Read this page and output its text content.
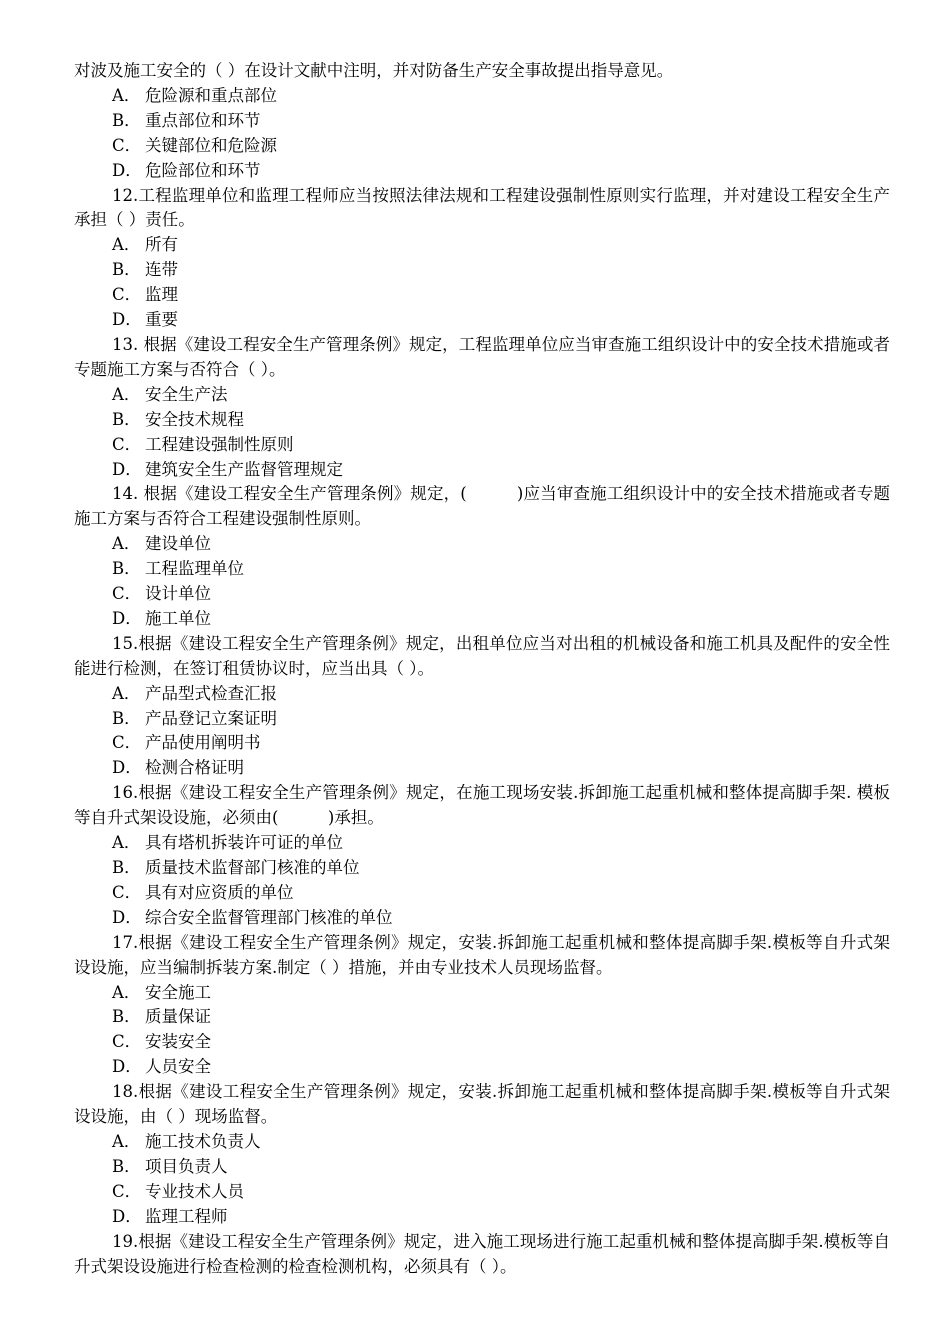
对波及施工安全的（ ）在设计文献中注明，并对防备生产安全事故提出指导意见。

A． 危险源和重点部位
B． 重点部位和环节
C． 关键部位和危险源
D． 危险部位和环节

12.工程监理单位和监理工程师应当按照法律法规和工程建设强制性原则实行监理，并对建设工程安全生产承担（ ）责任。

A． 所有
B． 连带
C． 监理
D． 重要

13. 根据《建设工程安全生产管理条例》规定，工程监理单位应当审查施工组织设计中的安全技术措施或者专题施工方案与否符合（ ）。

A． 安全生产法
B． 安全技术规程
C． 工程建设强制性原则
D． 建筑安全生产监督管理规定

14. 根据《建设工程安全生产管理条例》规定，(　　　)应当审查施工组织设计中的安全技术措施或者专题施工方案与否符合工程建设强制性原则。

A． 建设单位
B． 工程监理单位
C． 设计单位
D． 施工单位

15.根据《建设工程安全生产管理条例》规定，出租单位应当对出租的机械设备和施工机具及配件的安全性能进行检测，在签订租赁协议时，应当出具（ ）。

A． 产品型式检查汇报
B． 产品登记立案证明
C． 产品使用阐明书
D． 检测合格证明

16.根据《建设工程安全生产管理条例》规定，在施工现场安装.拆卸施工起重机械和整体提高脚手架. 模板等自升式架设设施，必须由(　　　)承担。

A． 具有塔机拆装许可证的单位
B． 质量技术监督部门核准的单位
C． 具有对应资质的单位
D． 综合安全监督管理部门核准的单位

17.根据《建设工程安全生产管理条例》规定，安装.拆卸施工起重机械和整体提高脚手架.模板等自升式架设设施，应当编制拆装方案.制定（ ）措施，并由专业技术人员现场监督。

A． 安全施工
B． 质量保证
C． 安装安全
D． 人员安全

18.根据《建设工程安全生产管理条例》规定，安装.拆卸施工起重机械和整体提高脚手架.模板等自升式架设设施，由（ ）现场监督。

A． 施工技术负责人
B． 项目负责人
C． 专业技术人员
D． 监理工程师

19.根据《建设工程安全生产管理条例》规定，进入施工现场进行施工起重机械和整体提高脚手架.模板等自升式架设设施进行检查检测的检查检测机构，必须具有（ ）。
